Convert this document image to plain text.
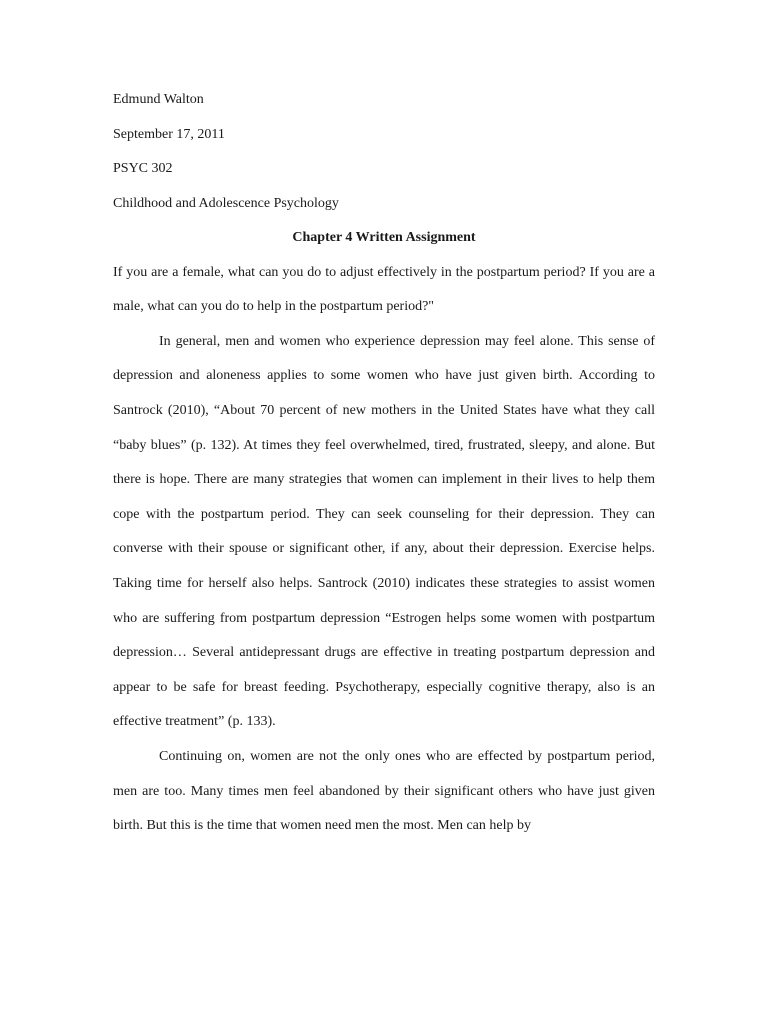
Edmund Walton
September 17, 2011
PSYC 302
Childhood and Adolescence Psychology
Chapter 4 Written Assignment

If you are a female, what can you do to adjust effectively in the postpartum period? If you are a male, what can you do to help in the postpartum period?"

In general, men and women who experience depression may feel alone. This sense of depression and aloneness applies to some women who have just given birth. According to Santrock (2010), “About 70 percent of new mothers in the United States have what they call “baby blues” (p. 132). At times they feel overwhelmed, tired, frustrated, sleepy, and alone. But there is hope. There are many strategies that women can implement in their lives to help them cope with the postpartum period. They can seek counseling for their depression. They can converse with their spouse or significant other, if any, about their depression. Exercise helps. Taking time for herself also helps. Santrock (2010) indicates these strategies to assist women who are suffering from postpartum depression “Estrogen helps some women with postpartum depression… Several antidepressant drugs are effective in treating postpartum depression and appear to be safe for breast feeding. Psychotherapy, especially cognitive therapy, also is an effective treatment” (p. 133).

Continuing on, women are not the only ones who are effected by postpartum period, men are too. Many times men feel abandoned by their significant others who have just given birth. But this is the time that women need men the most. Men can help by
